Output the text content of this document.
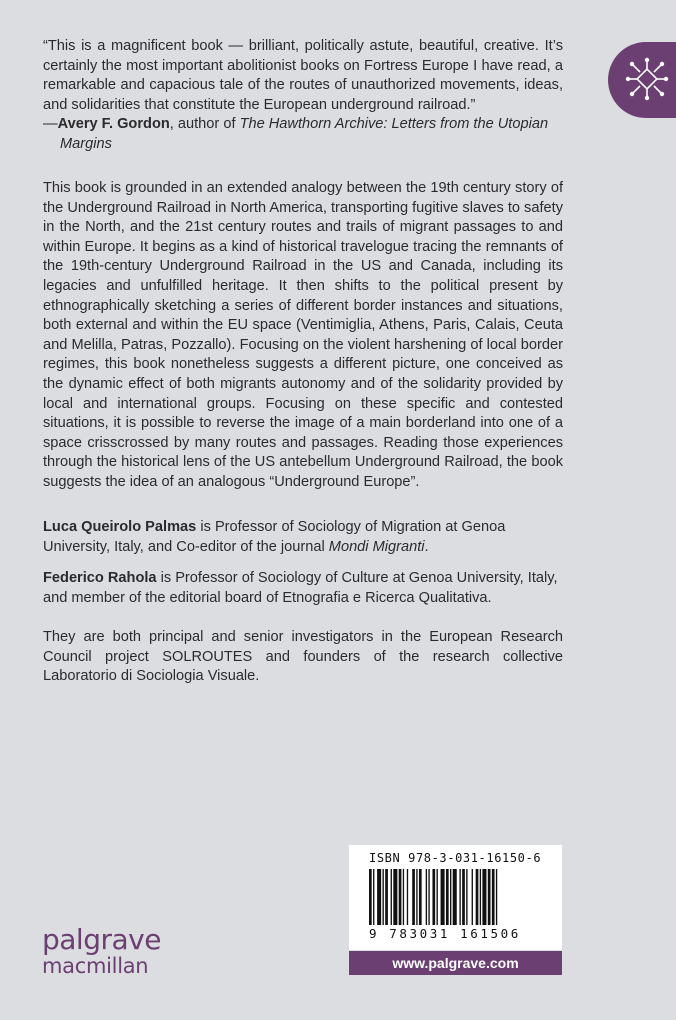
“This is a magnificent book — brilliant, politically astute, beautiful, creative. It’s certainly the most important abolitionist books on Fortress Europe I have read, a remarkable and capacious tale of the routes of unauthorized movements, ideas, and solidarities that constitute the European underground railroad.”

—Avery F. Gordon, author of The Hawthorn Archive: Letters from the Utopian

Margins

This book is grounded in an extended analogy between the 19th century story of the Underground Railroad in North America, transporting fugitive slaves to safety in the North, and the 21st century routes and trails of migrant passages to and within Europe. It begins as a kind of historical travelogue tracing the remnants of the 19th-century Underground Railroad in the US and Canada, including its legacies and unfulfilled heritage. It then shifts to the political present by ethnographically sketching a series of different border instances and situations, both external and within the EU space (Ventimiglia, Athens, Paris, Calais, Ceuta and Melilla, Patras, Pozzallo). Focusing on the violent harshening of local border regimes, this book nonetheless suggests a different picture, one conceived as the dynamic effect of both migrants autonomy and of the solidarity provided by local and international groups. Focusing on these specific and contested situations, it is possible to reverse the image of a main borderland into one of a space crisscrossed by many routes and passages. Reading those experiences through the historical lens of the US antebellum Underground Railroad, the book suggests the idea of an analogous “Underground Europe”.

Luca Queirolo Palmas is Professor of Sociology of Migration at Genoa University, Italy, and Co-editor of the journal Mondi Migranti.

Federico Rahola is Professor of Sociology of Culture at Genoa University, Italy, and member of the editorial board of Etnografia e Ricerca Qualitativa.

They are both principal and senior investigators in the European Research Council project SOLROUTES and founders of the research collective Laboratorio di Sociologia Visuale.

palgrave
macmillan
ISBN 978-3-031-16150-6
9 783031 161506
www.palgrave.com
